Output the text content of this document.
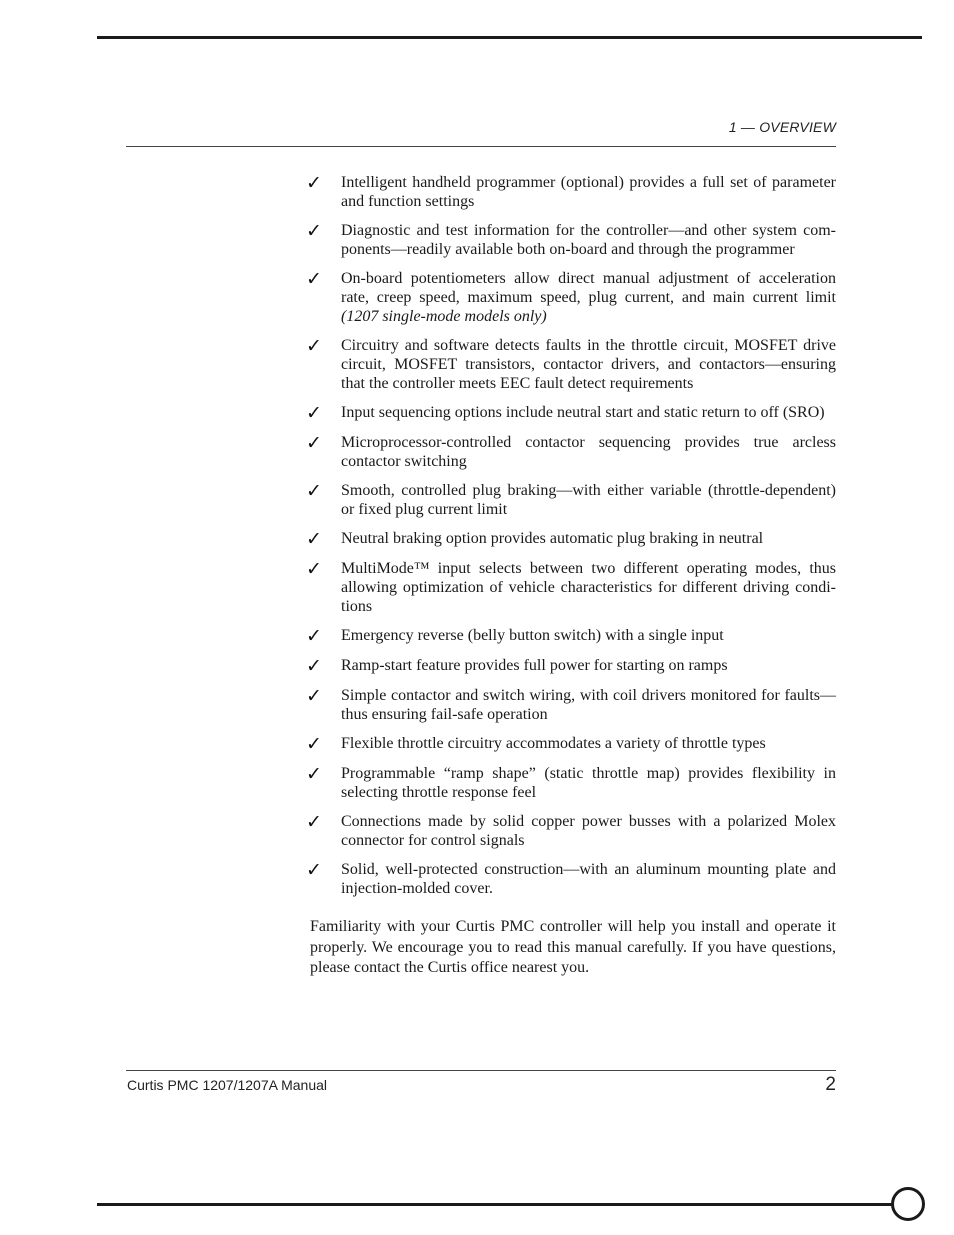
1 — OVERVIEW
✓	Intelligent handheld programmer (optional) provides a full set of parameter and function settings
✓	Diagnostic and test information for the controller—and other system components—readily available both on-board and through the programmer
✓	On-board potentiometers allow direct manual adjustment of acceleration rate, creep speed, maximum speed, plug current, and main current limit (1207 single-mode models only)
✓	Circuitry and software detects faults in the throttle circuit, MOSFET drive circuit, MOSFET transistors, contactor drivers, and contactors—ensuring that the controller meets EEC fault detect requirements
✓	Input sequencing options include neutral start and static return to off (SRO)
✓	Microprocessor-controlled contactor sequencing provides true arcless contactor switching
✓	Smooth, controlled plug braking—with either variable (throttle-dependent) or fixed plug current limit
✓	Neutral braking option provides automatic plug braking in neutral
✓	MultiMode™ input selects between two different operating modes, thus allowing optimization of vehicle characteristics for different driving conditions
✓	Emergency reverse (belly button switch) with a single input
✓	Ramp-start feature provides full power for starting on ramps
✓	Simple contactor and switch wiring, with coil drivers monitored for faults—thus ensuring fail-safe operation
✓	Flexible throttle circuitry accommodates a variety of throttle types
✓	Programmable “ramp shape” (static throttle map) provides flexibility in selecting throttle response feel
✓	Connections made by solid copper power busses with a polarized Molex connector for control signals
✓	Solid, well-protected construction—with an aluminum mounting plate and injection-molded cover.

Familiarity with your Curtis PMC controller will help you install and operate it properly. We encourage you to read this manual carefully. If you have questions, please contact the Curtis office nearest you.

Curtis PMC 1207/1207A Manual	2
